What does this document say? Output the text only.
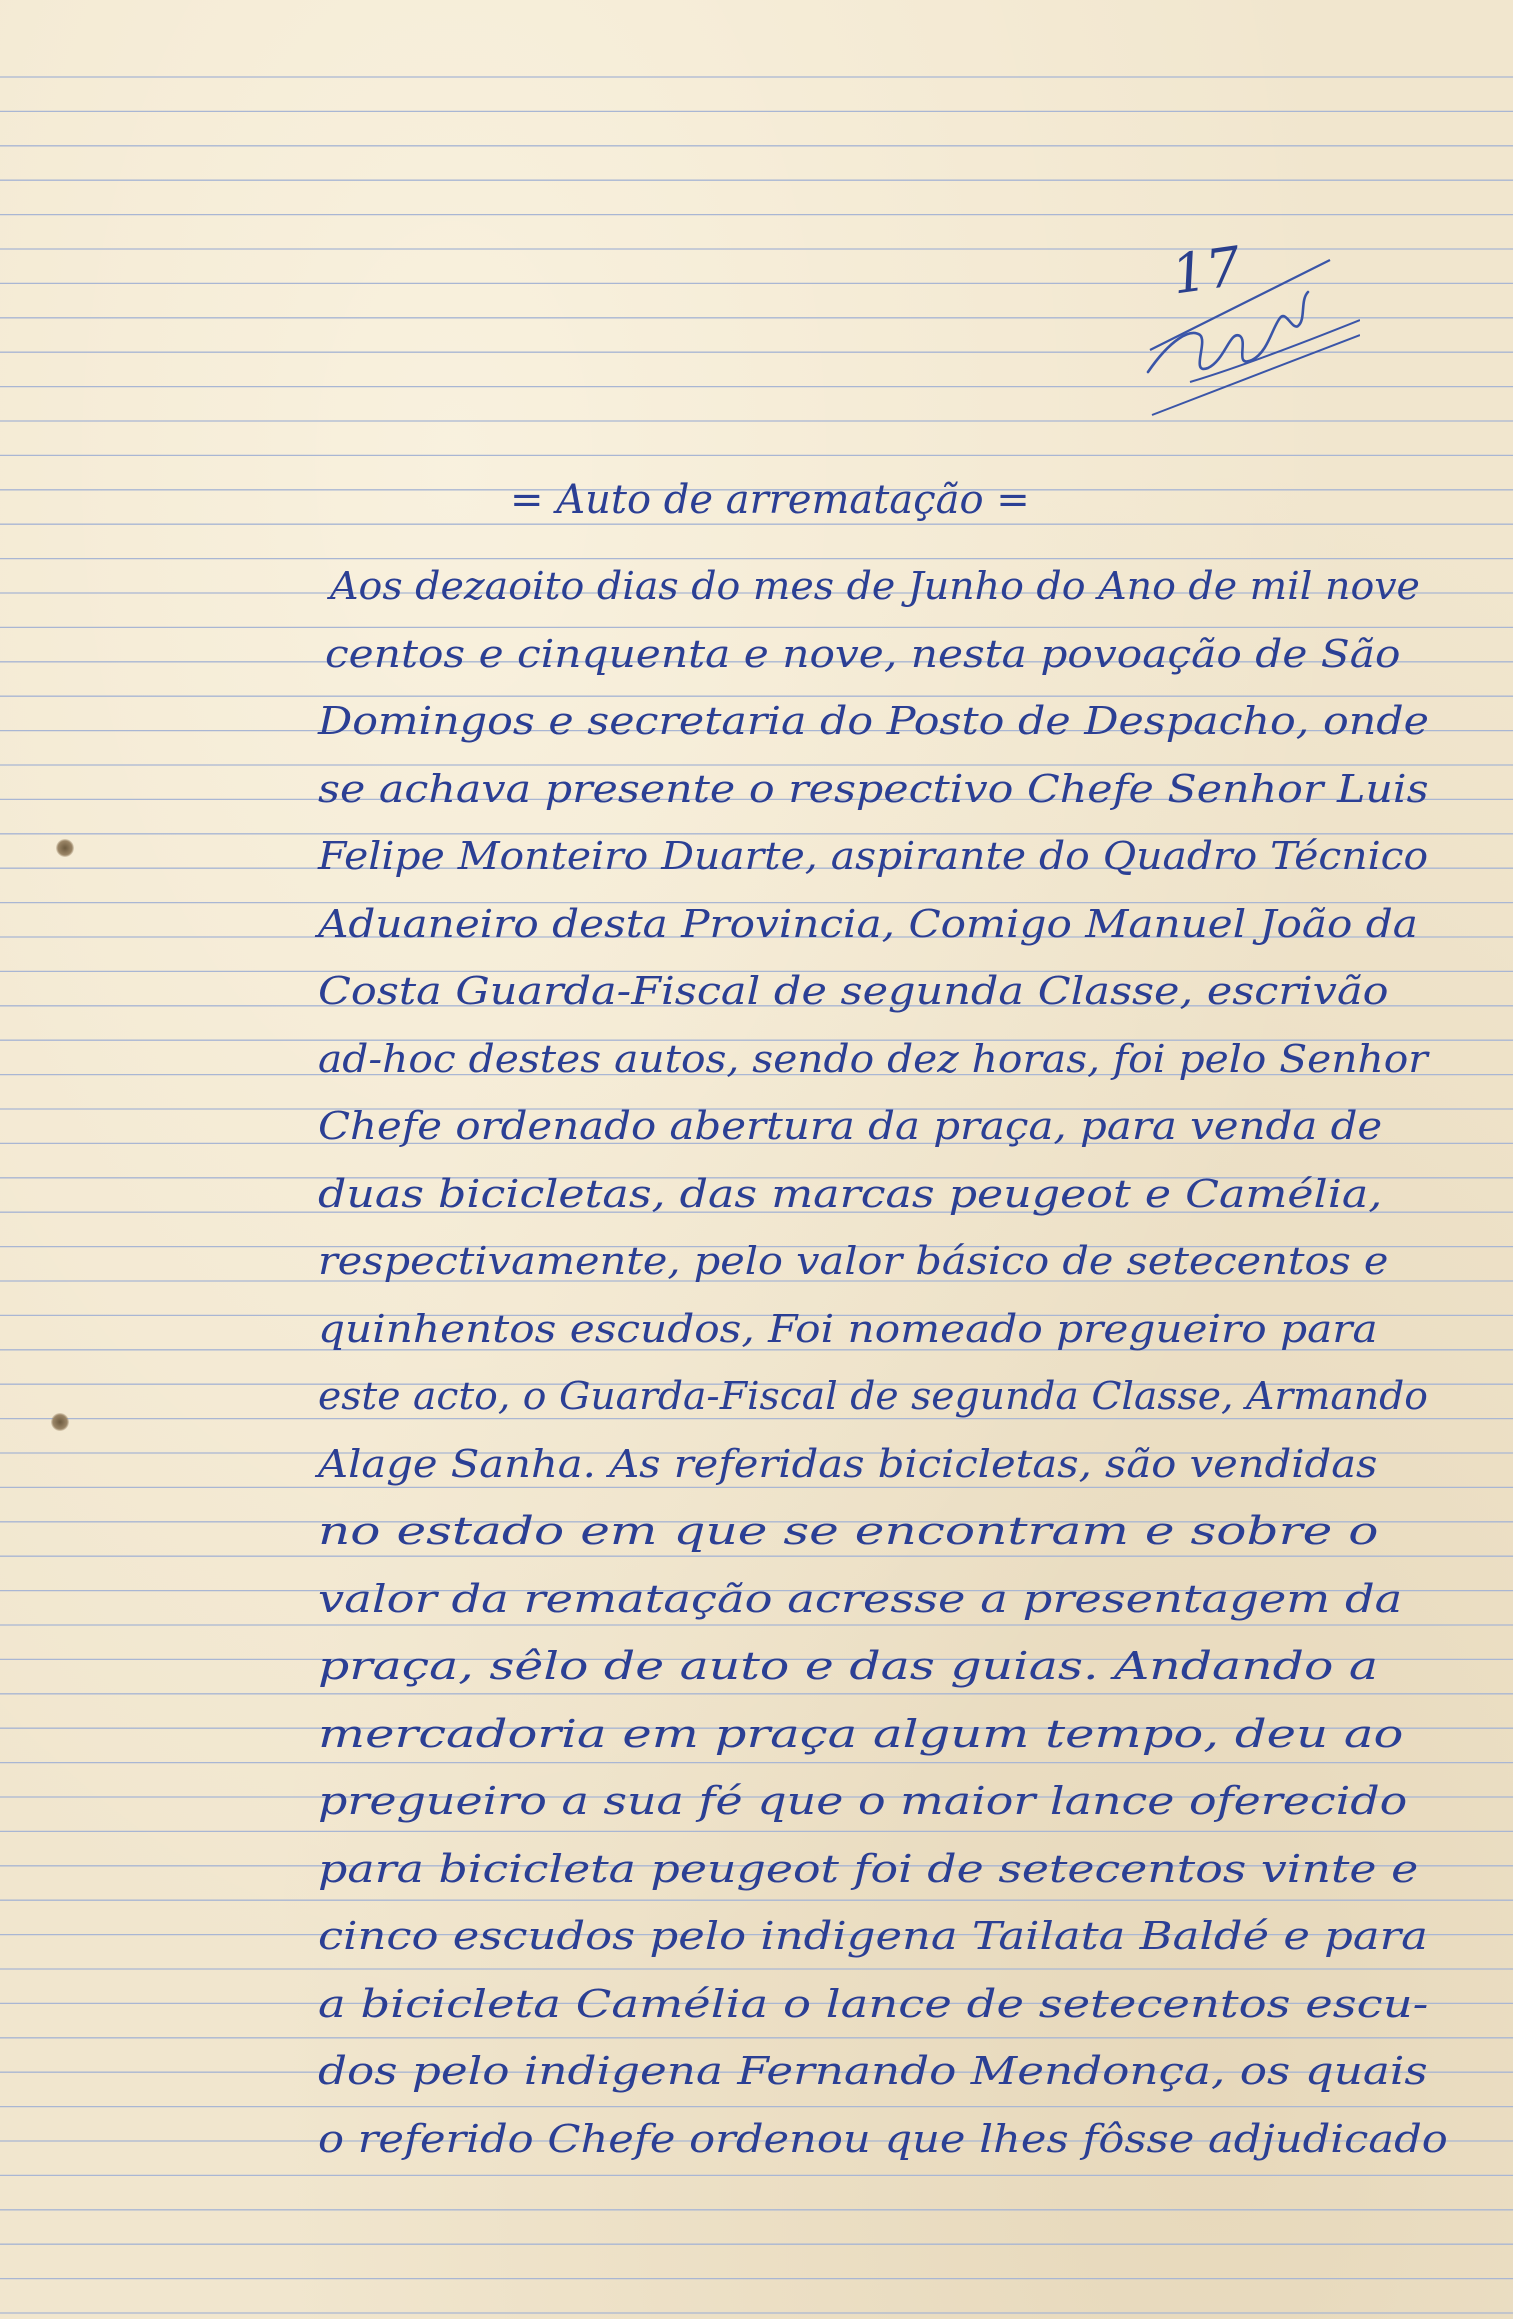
17
= Auto de arrematação =
Aos dezaoito dias do mes de Junho do Ano de mil nove
centos e cinquenta e nove, nesta povoação de São
Domingos e secretaria do Posto de Despacho, onde
se achava presente o respectivo Chefe Senhor Luis
Felipe Monteiro Duarte, aspirante do Quadro Técnico
Aduaneiro desta Provincia, Comigo Manuel João da
Costa Guarda-Fiscal de segunda Classe, escrivão
ad-hoc destes autos, sendo dez horas, foi pelo Senhor
Chefe ordenado abertura da praça, para venda de
duas bicicletas, das marcas peugeot e Camélia,
respectivamente, pelo valor básico de setecentos e
quinhentos escudos, Foi nomeado pregueiro para
este acto, o Guarda-Fiscal de segunda Classe, Armando
Alage Sanha. As referidas bicicletas, são vendidas
no estado em que se encontram e sobre o
valor da rematação acresse a presentagem da
praça, sêlo de auto e das guias. Andando a
mercadoria em praça algum tempo, deu ao
pregueiro a sua fé que o maior lance oferecido
para bicicleta peugeot foi de setecentos vinte e
cinco escudos pelo indigena Tailata Baldé e para
a bicicleta Camélia o lance de setecentos escu-
dos pelo indigena Fernando Mendonça, os quais
o referido Chefe ordenou que lhes fôsse adjudicado
